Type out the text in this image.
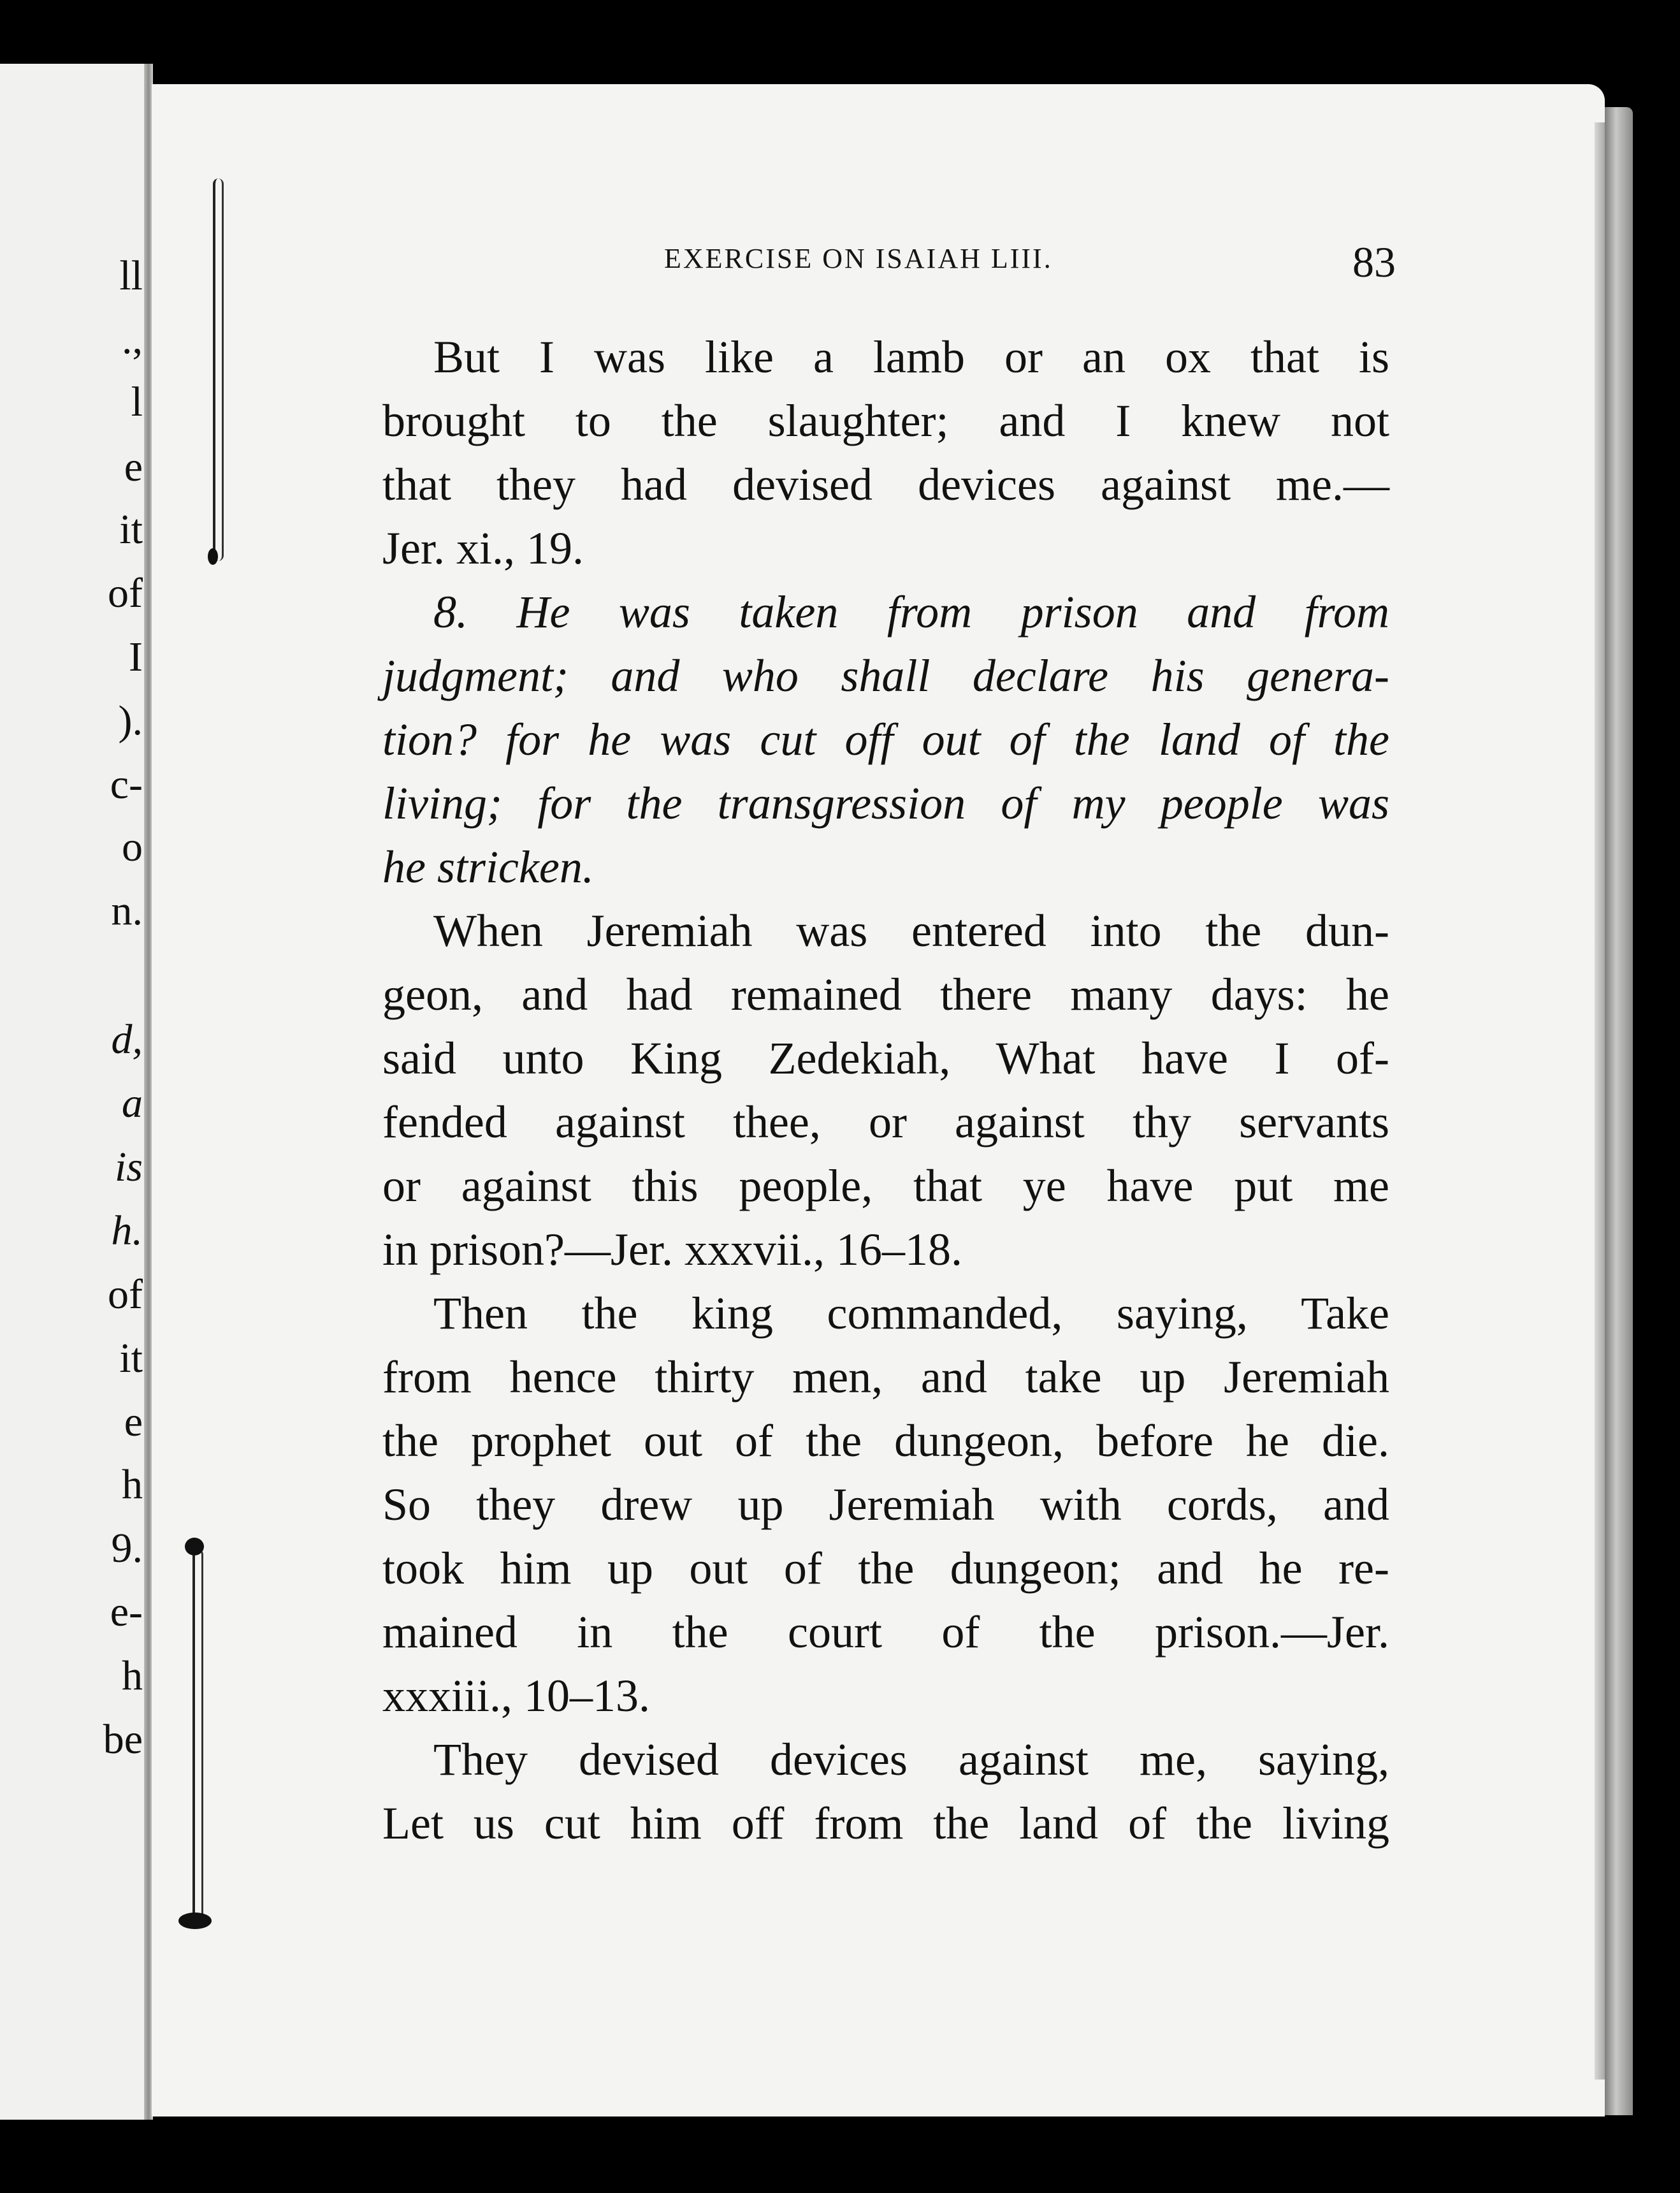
ll
.,
l
e
it
of
I
).
c-
o
n.
d,
a
is
h.
of
it
e
h
9.
e-
h
be
EXERCISE ON ISAIAH LIII.	83
But I was like a lamb or an ox that is
brought to the slaughter; and I knew not
that they had devised devices against me.—
Jer. xi., 19.
8. He was taken from prison and from
judgment; and who shall declare his genera-
tion? for he was cut off out of the land of the
living; for the transgression of my people was
he stricken.
When Jeremiah was entered into the dun-
geon, and had remained there many days: he
said unto King Zedekiah, What have I of-
fended against thee, or against thy servants
or against this people, that ye have put me
in prison?—Jer. xxxvii., 16–18.
Then the king commanded, saying, Take
from hence thirty men, and take up Jeremiah
the prophet out of the dungeon, before he die.
So they drew up Jeremiah with cords, and
took him up out of the dungeon; and he re-
mained in the court of the prison.—Jer.
xxxiii., 10–13.
They devised devices against me, saying,
Let us cut him off from the land of the living
